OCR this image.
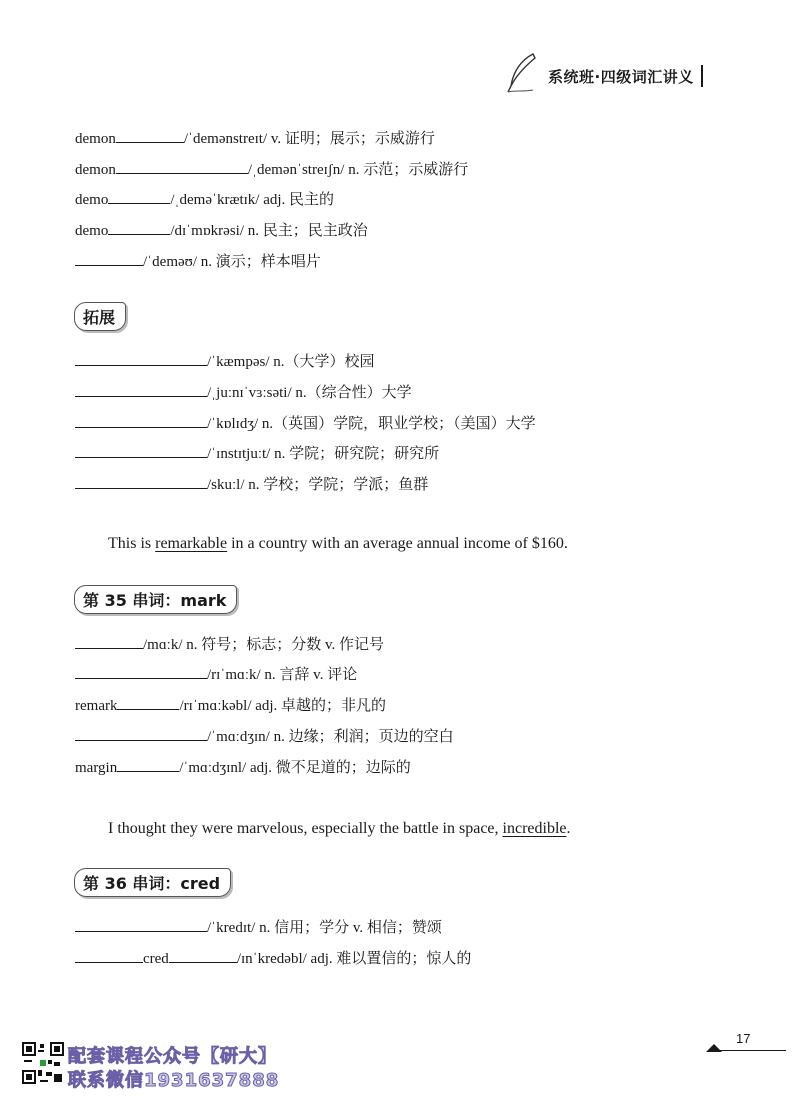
系统班·四级词汇讲义
demon	/ˈdemənstreɪt/ v. 证明；展示；示威游行
demon	/ˌdemənˈstreɪʃn/ n. 示范；示威游行
demo	/ˌdeməˈkrætɪk/ adj. 民主的
demo	/dɪˈmɒkrəsi/ n. 民主；民主政治
/ˈdeməʊ/ n. 演示；样本唱片
拓展
/ˈkæmpəs/ n.（大学）校园
/ˌjuːnɪˈvɜːsəti/ n.（综合性）大学
/ˈkɒlɪdʒ/ n.（英国）学院，职业学校；（美国）大学
/ˈɪnstɪtjuːt/ n. 学院；研究院；研究所
/skuːl/ n. 学校；学院；学派；鱼群
This is remarkable in a country with an average annual income of $160.
第 35 串词：mark
/mɑːk/ n. 符号；标志；分数 v. 作记号
/rɪˈmɑːk/ n. 言辞 v. 评论
remark	/rɪˈmɑːkəbl/ adj. 卓越的；非凡的
/ˈmɑːdʒɪn/ n. 边缘；利润；页边的空白
margin	/ˈmɑːdʒɪnl/ adj. 微不足道的；边际的
I thought they were marvelous, especially the battle in space, incredible.
第 36 串词：cred
/ˈkredɪt/ n. 信用；学分 v. 相信；赞颂
cred	/ɪnˈkredəbl/ adj. 难以置信的；惊人的
17
配套课程公众号【研大】
联系微信1931637888
